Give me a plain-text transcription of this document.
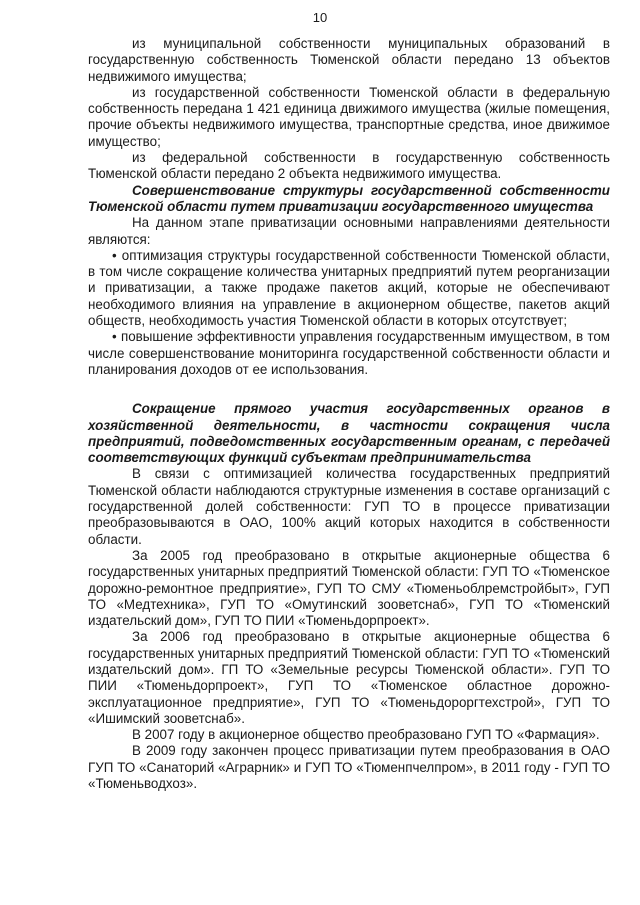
10

из муниципальной собственности муниципальных образований в государственную собственность Тюменской области передано 13 объектов недвижимого имущества;

из государственной собственности Тюменской области в федеральную собственность передана 1 421 единица движимого имущества (жилые помещения, прочие объекты недвижимого имущества, транспортные средства, иное движимое имущество;

из федеральной собственности в государственную собственность Тюменской области передано 2 объекта недвижимого имущества.

Совершенствование структуры государственной собственности Тюменской области путем приватизации государственного имущества

На данном этапе приватизации основными направлениями деятельности являются:

• оптимизация структуры государственной собственности Тюменской области, в том числе сокращение количества унитарных предприятий путем реорганизации и приватизации, а также продаже пакетов акций, которые не обеспечивают необходимого влияния на управление в акционерном обществе, пакетов акций обществ, необходимость участия Тюменской области в которых отсутствует;

• повышение эффективности управления государственным имуществом, в том числе совершенствование мониторинга государственной собственности области и планирования доходов от ее использования.

Сокращение прямого участия государственных органов в хозяйственной деятельности, в частности сокращения числа предприятий, подведомственных государственным органам, с передачей соответствующих функций субъектам предпринимательства

В связи с оптимизацией количества государственных предприятий Тюменской области наблюдаются структурные изменения в составе организаций с государственной долей собственности: ГУП ТО в процессе приватизации преобразовываются в ОАО, 100% акций которых находится в собственности области.

За 2005 год преобразовано в открытые акционерные общества 6 государственных унитарных предприятий Тюменской области: ГУП ТО «Тюменское дорожно-ремонтное предприятие», ГУП ТО СМУ «Тюменьоблремстройбыт», ГУП ТО «Медтехника», ГУП ТО «Омутинский зооветснаб», ГУП ТО «Тюменский издательский дом», ГУП ТО ПИИ «Тюменьдорпроект».

За 2006 год преобразовано в открытые акционерные общества 6 государственных унитарных предприятий Тюменской области: ГУП ТО «Тюменский издательский дом». ГП ТО «Земельные ресурсы Тюменской области». ГУП ТО ПИИ «Тюменьдорпроект», ГУП ТО «Тюменское областное дорожно-эксплуатационное предприятие», ГУП ТО «Тюменьдороргтехстрой», ГУП ТО «Ишимский зооветснаб».

В 2007 году в акционерное общество преобразовано ГУП ТО «Фармация».

В 2009 году закончен процесс приватизации путем преобразования в ОАО ГУП ТО «Санаторий «Аграрник» и ГУП ТО «Тюменпчелпром», в 2011 году - ГУП ТО «Тюменьводхоз».
